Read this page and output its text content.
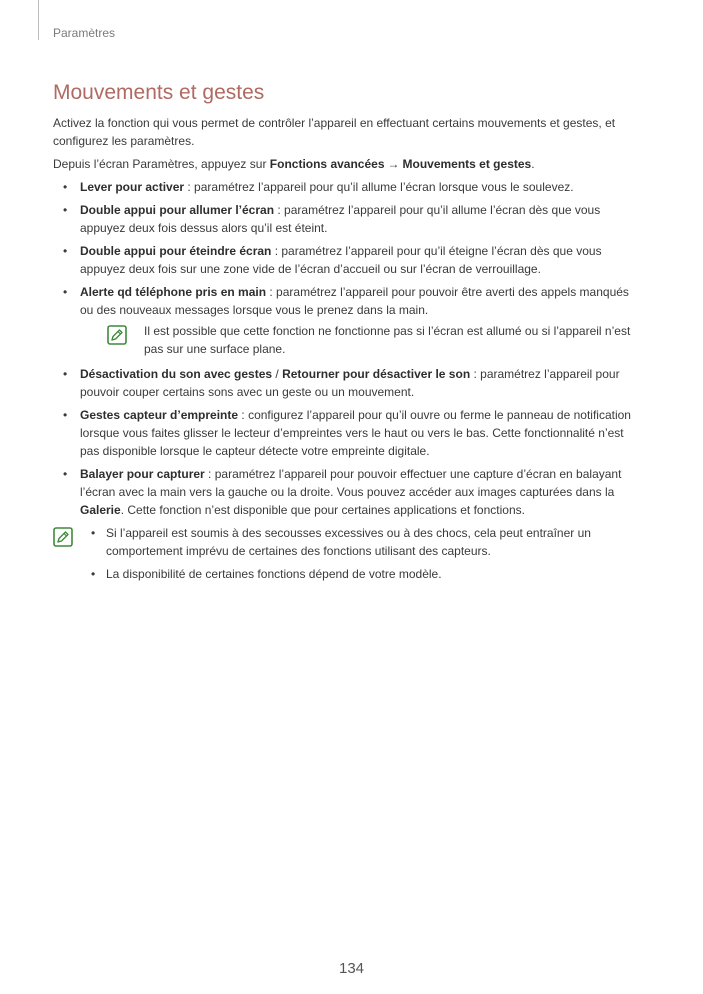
Paramètres
Mouvements et gestes

Activez la fonction qui vous permet de contrôler l’appareil en effectuant certains mouvements et gestes, et configurez les paramètres.

Depuis l’écran Paramètres, appuyez sur Fonctions avancées → Mouvements et gestes.

• Lever pour activer : paramétrez l’appareil pour qu’il allume l’écran lorsque vous le soulevez.
• Double appui pour allumer l’écran : paramétrez l’appareil pour qu’il allume l’écran dès que vous appuyez deux fois dessus alors qu’il est éteint.
• Double appui pour éteindre écran : paramétrez l’appareil pour qu’il éteigne l’écran dès que vous appuyez deux fois sur une zone vide de l’écran d’accueil ou sur l’écran de verrouillage.
• Alerte qd téléphone pris en main : paramétrez l’appareil pour pouvoir être averti des appels manqués ou des nouveaux messages lorsque vous le prenez dans la main.
Il est possible que cette fonction ne fonctionne pas si l’écran est allumé ou si l’appareil n’est pas sur une surface plane.
• Désactivation du son avec gestes / Retourner pour désactiver le son : paramétrez l’appareil pour pouvoir couper certains sons avec un geste ou un mouvement.
• Gestes capteur d’empreinte : configurez l’appareil pour qu’il ouvre ou ferme le panneau de notification lorsque vous faites glisser le lecteur d’empreintes vers le haut ou vers le bas. Cette fonctionnalité n’est pas disponible lorsque le capteur détecte votre empreinte digitale.
• Balayer pour capturer : paramétrez l’appareil pour pouvoir effectuer une capture d’écran en balayant l’écran avec la main vers la gauche ou la droite. Vous pouvez accéder aux images capturées dans la Galerie. Cette fonction n’est disponible que pour certaines applications et fonctions.
• Si l’appareil est soumis à des secousses excessives ou à des chocs, cela peut entraîner un comportement imprévu de certaines des fonctions utilisant des capteurs.
• La disponibilité de certaines fonctions dépend de votre modèle.
134
